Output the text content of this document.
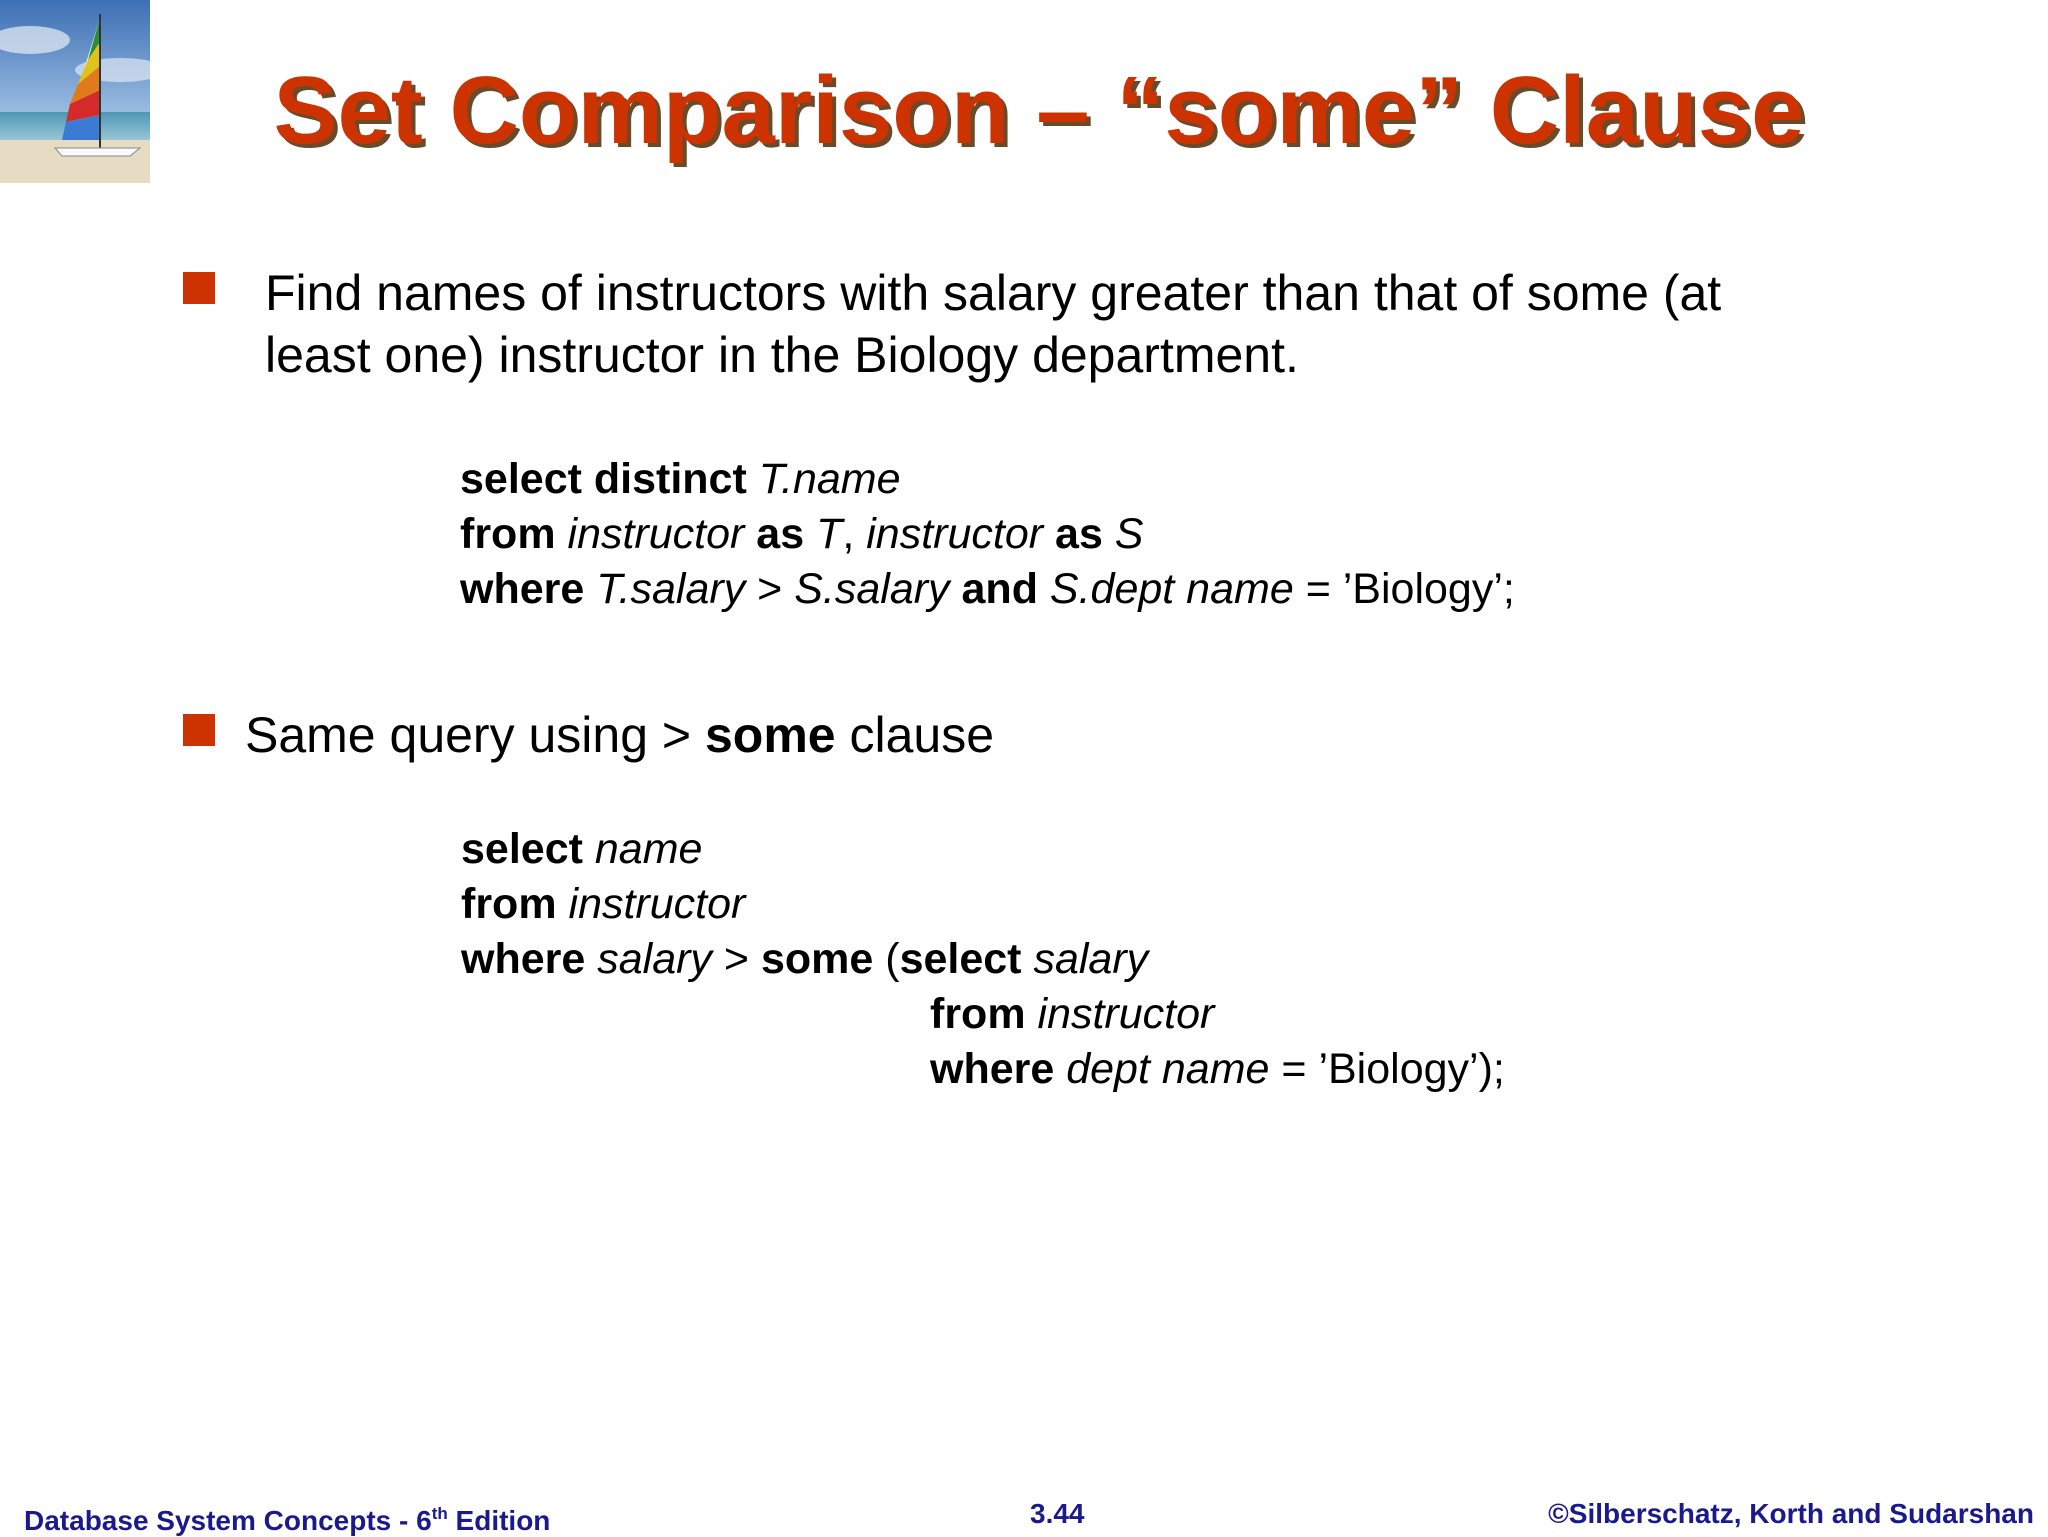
Set Comparison – “some” Clause
Find names of instructors with salary greater than that of some (at
least one) instructor in the Biology department.
select distinct T.name
from instructor as T, instructor as S
where T.salary > S.salary and S.dept name = ’Biology’;
Same query using > some clause
select name
from instructor
where salary > some (select salary
from instructor
where dept name = ’Biology’);
Database System Concepts - 6th Edition	3.44	©Silberschatz, Korth and Sudarshan
